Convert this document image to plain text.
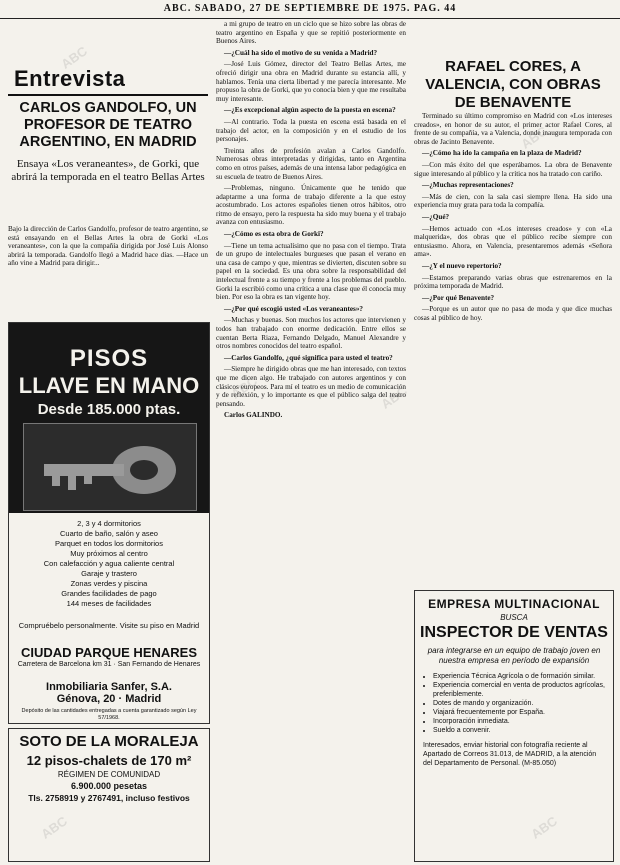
ABC. SABADO, 27 DE SEPTIEMBRE DE 1975. PAG. 44
Entrevista
CARLOS GANDOLFO, UN PROFESOR DE TEATRO ARGENTINO, EN MADRID
Ensaya «Los veraneantes», de Gorki, que abrirá la temporada en el teatro Bellas Artes
Bajo la dirección de Carlos Gandolfo, profesor de teatro argentino, se está ensayando en el Bellas Artes la obra de Gorki «Los veraneantes», con la que la compañía dirigida por José Luis Alonso abrirá la temporada. Gandolfo llegó a Madrid hace días. —Hace un año vine a Madrid para dirigir...
PISOS
LLAVE EN MANO
Desde 185.000 ptas.
2, 3 y 4 dormitorios
Cuarto de baño, salón y aseo
Parquet en todos los dormitorios
Muy próximos al centro
Con calefacción y agua caliente central
Garaje y trastero
Zonas verdes y piscina
Grandes facilidades de pago
144 meses de facilidades
Compruébelo personalmente. Visite su piso en Madrid
CIUDAD PARQUE HENARES
Carretera de Barcelona km 31 · San Fernando de Henares
Inmobiliaria Sanfer, S.A.
Génova, 20 · Madrid
Depósito de las cantidades entregadas a cuenta garantizado según Ley 57/1968.
SOTO DE LA MORALEJA
12 pisos-chalets de 170 m²
RÉGIMEN DE COMUNIDAD
6.900.000 pesetas
Tls. 2758919 y 2767491, incluso festivos

a mi grupo de teatro en un ciclo que se hizo sobre las obras de teatro argentino en España y que se repitió posteriormente en Buenos Aires.

—¿Cuál ha sido el motivo de su venida a Madrid?

—José Luis Gómez, director del Teatro Bellas Artes, me ofreció dirigir una obra en Madrid durante su estancia allí, y hablamos. Tenía una cierta libertad y me parecía interesante. Me propuso la obra de Gorki, que yo conocía bien y que me resultaba muy interesante.

—¿Es excepcional algún aspecto de la puesta en escena?

—Al contrario. Toda la puesta en escena está basada en el trabajo del actor, en la composición y en el estudio de los personajes.

Treinta años de profesión avalan a Carlos Gandolfo. Numerosas obras interpretadas y dirigidas, tanto en Argentina como en otros países, además de una intensa labor pedagógica en su escuela de teatro de Buenos Aires.

—Problemas, ninguno. Únicamente que he tenido que adaptarme a una forma de trabajo diferente a la que estoy acostumbrado. Los actores españoles tienen otros hábitos, otro ritmo de ensayo, pero la respuesta ha sido muy buena y el trabajo avanza con entusiasmo.

—¿Cómo es esta obra de Gorki?

—Tiene un tema actualísimo que no pasa con el tiempo. Trata de un grupo de intelectuales burgueses que pasan el verano en una casa de campo y que, mientras se divierten, discuten sobre su papel en la sociedad. Es una obra sobre la responsabilidad del intelectual frente a su tiempo y frente a los problemas del pueblo. Gorki la escribió como una crítica a una clase que él conocía muy bien. Por eso la obra es tan vigente hoy.

—¿Por qué escogió usted «Los veraneantes»?

—Muchas y buenas. Son muchos los actores que intervienen y todos han trabajado con enorme dedicación. Entre ellos se cuentan Berta Riaza, Fernando Delgado, Manuel Alexandre y otros nombres conocidos del teatro español.

—Carlos Gandolfo, ¿qué significa para usted el teatro?

—Siempre he dirigido obras que me han interesado, con textos que me dicen algo. He trabajado con autores argentinos y con clásicos europeos. Para mí el teatro es un medio de comunicación y de reflexión, y lo importante es que el público salga del teatro pensando.

Carlos GALINDO.

RAFAEL CORES, A VALENCIA, CON OBRAS DE BENAVENTE

Terminado su último compromiso en Madrid con «Los intereses creados», en honor de su autor, el primer actor Rafael Cores, al frente de su compañía, va a Valencia, donde inaugura temporada con obras de Jacinto Benavente.

—¿Cómo ha ido la campaña en la plaza de Madrid?

—Con más éxito del que esperábamos. La obra de Benavente sigue interesando al público y la crítica nos ha tratado con cariño.

—¿Muchas representaciones?

—Más de cien, con la sala casi siempre llena. Ha sido una experiencia muy grata para toda la compañía.

—¿Qué?

—Hemos actuado con «Los intereses creados» y con «La malquerida», dos obras que el público recibe siempre con entusiasmo. Ahora, en Valencia, presentaremos además «Señora ama».

—¿Y el nuevo repertorio?

—Estamos preparando varias obras que estrenaremos en la próxima temporada de Madrid.

—¿Por qué Benavente?

—Porque es un autor que no pasa de moda y que dice muchas cosas al público de hoy.

EMPRESA MULTINACIONAL
BUSCA
INSPECTOR DE VENTAS
para integrarse en un equipo de trabajo joven en nuestra empresa en período de expansión
• Experiencia Técnica Agrícola o de formación similar.
• Experiencia comercial en venta de productos agrícolas, preferiblemente.
• Dotes de mando y organización.
• Viajará frecuentemente por España.
• Incorporación inmediata.
• Sueldo a convenir.
Interesados, enviar historial con fotografía reciente al Apartado de Correos 31.013, de MADRID, a la atención del Departamento de Personal. (M-85.050)
ABC
ABC
ABC	ABC
ABC	ABC
